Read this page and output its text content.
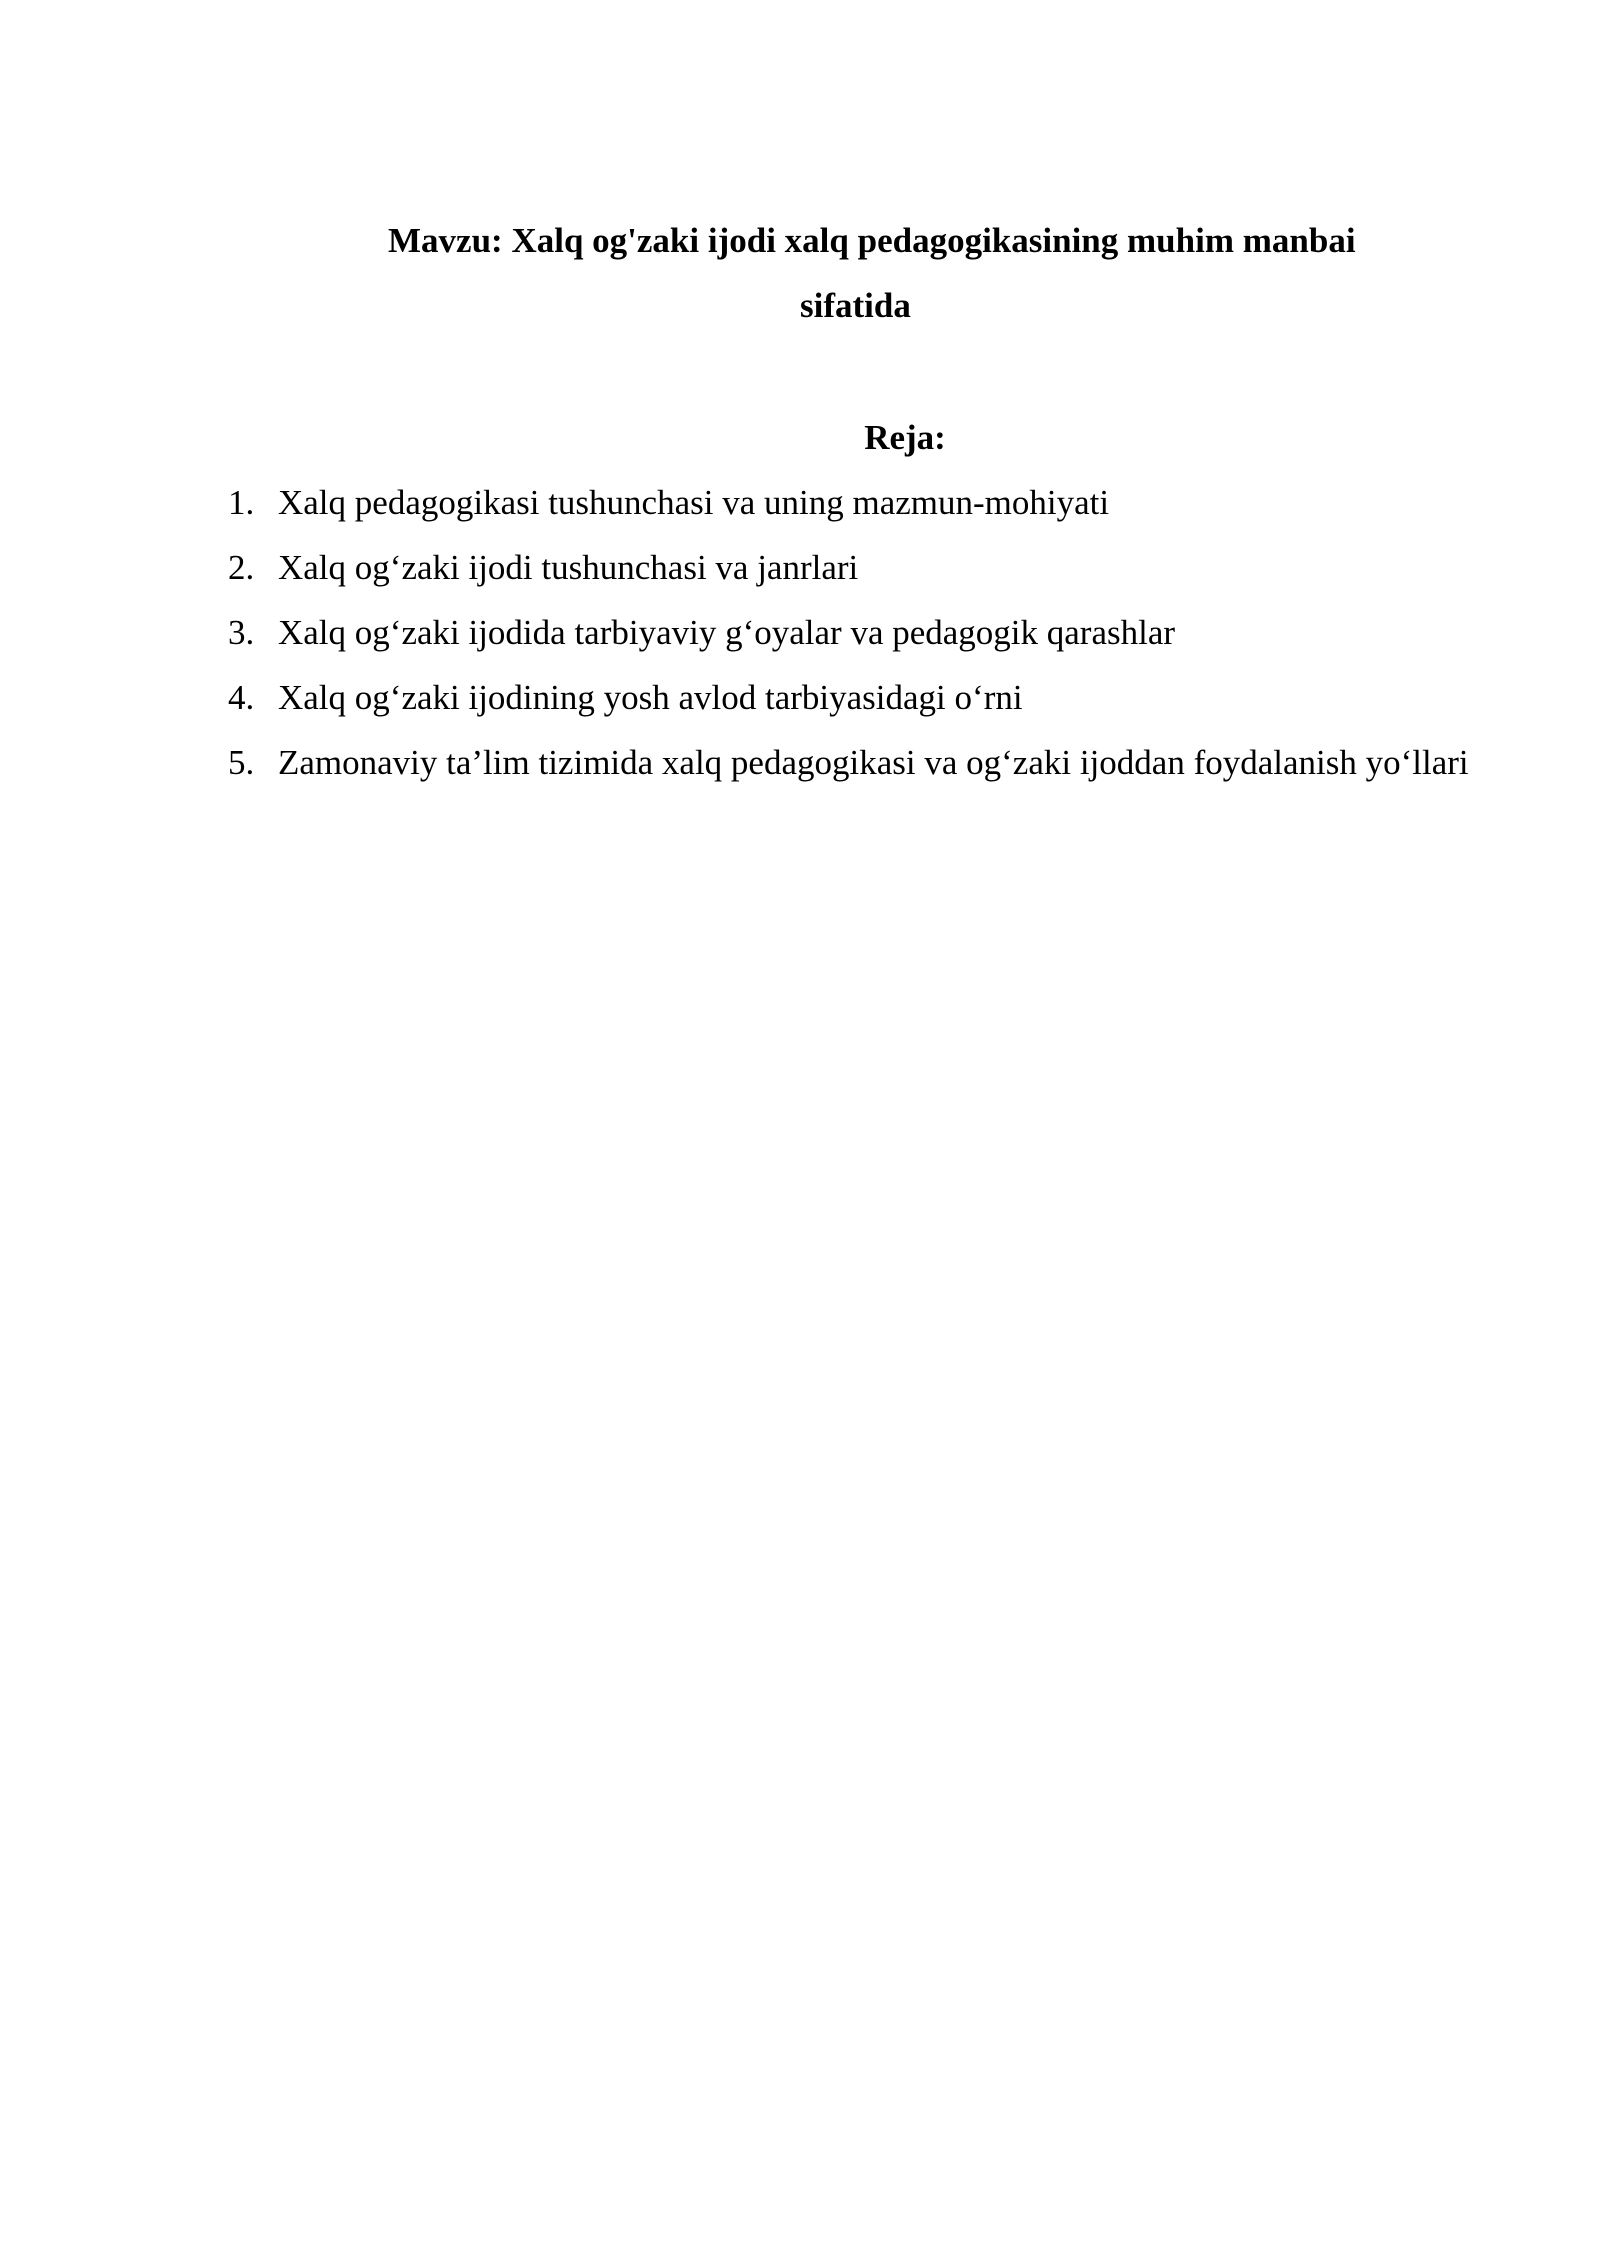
Mavzu: Xalq og'zaki ijodi xalq pedagogikasining muhim manbai
sifatida
Reja:
1. Xalq pedagogikasi tushunchasi va uning mazmun-mohiyati
2. Xalq og‘zaki ijodi tushunchasi va janrlari
3. Xalq og‘zaki ijodida tarbiyaviy g‘oyalar va pedagogik qarashlar
4. Xalq og‘zaki ijodining yosh avlod tarbiyasidagi o‘rni
5. Zamonaviy ta’lim tizimida xalq pedagogikasi va og‘zaki ijoddan foydalanish yo‘llari
